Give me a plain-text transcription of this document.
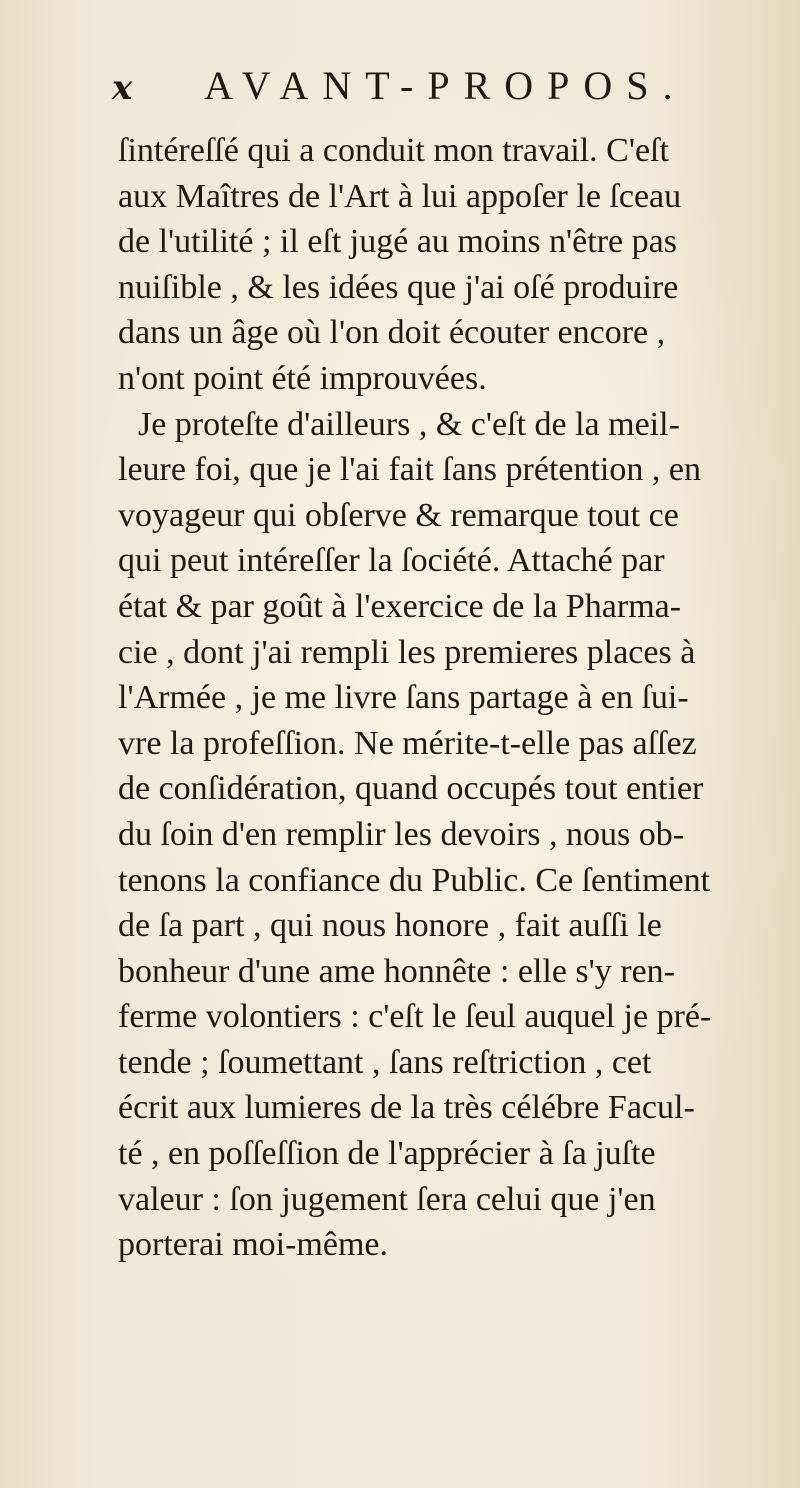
x	AVANT-PROPOS.
ſintéreſſé qui a conduit mon travail. C'eſt
aux Maîtres de l'Art à lui appoſer le ſceau
de l'utilité ; il eſt jugé au moins n'être pas
nuiſible , & les idées que j'ai oſé produire
dans un âge où l'on doit écouter encore ,
n'ont point été improuvées.
Je proteſte d'ailleurs , & c'eſt de la meil-
leure foi, que je l'ai fait ſans prétention , en
voyageur qui obſerve & remarque tout ce
qui peut intéreſſer la ſociété. Attaché par
état & par goût à l'exercice de la Pharma-
cie , dont j'ai rempli les premieres places à
l'Armée , je me livre ſans partage à en ſui-
vre la profeſſion. Ne mérite-t-elle pas aſſez
de conſidération, quand occupés tout entier
du ſoin d'en remplir les devoirs , nous ob-
tenons la confiance du Public. Ce ſentiment
de ſa part , qui nous honore , fait auſſi le
bonheur d'une ame honnête : elle s'y ren-
ferme volontiers : c'eſt le ſeul auquel je pré-
tende ; ſoumettant , ſans reſtriction , cet
écrit aux lumieres de la très célébre Facul-
té , en poſſeſſion de l'apprécier à ſa juſte
valeur : ſon jugement ſera celui que j'en
porterai moi-même.
